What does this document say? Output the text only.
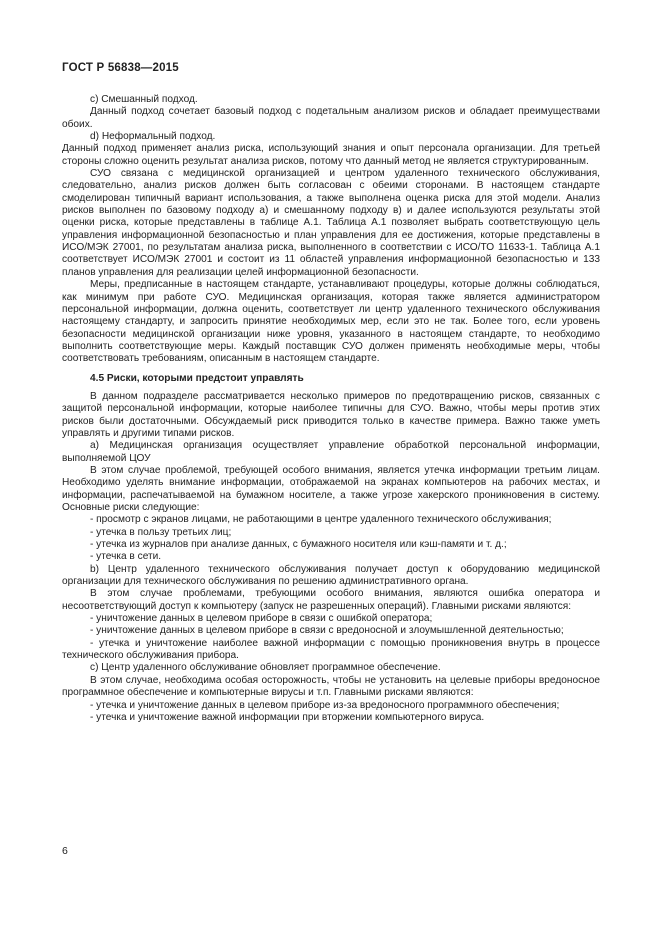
ГОСТ Р 56838—2015

с) Смешанный подход.

Данный подход сочетает базовый подход с подетальным анализом рисков и обладает преимуществами обоих.

d) Неформальный подход.

Данный подход применяет анализ риска, использующий знания и опыт персонала организации. Для третьей стороны сложно оценить результат анализа рисков, потому что данный метод не является структурированным.

СУО связана с медицинской организацией и центром удаленного технического обслуживания, следовательно, анализ рисков должен быть согласован с обеими сторонами. В настоящем стандарте смоделирован типичный вариант использования, а также выполнена оценка риска для этой модели. Анализ рисков выполнен по базовому подходу а) и смешанному подходу в) и далее используются результаты этой оценки риска, которые представлены в таблице А.1. Таблица А.1 позволяет выбрать соответствующую цель управления информационной безопасностью и план управления для ее достижения, которые представлены в ИСО/МЭК 27001, по результатам анализа риска, выполненного в соответствии с ИСО/ТО 11633-1. Таблица А.1 соответствует ИСО/МЭК 27001 и состоит из 11 областей управления информационной безопасностью и 133 планов управления для реализации целей информационной безопасности.

Меры, предписанные в настоящем стандарте, устанавливают процедуры, которые должны соблюдаться, как минимум при работе СУО. Медицинская организация, которая также является администратором персональной информации, должна оценить, соответствует ли центр удаленного технического обслуживания настоящему стандарту, и запросить принятие необходимых мер, если это не так. Более того, если уровень безопасности медицинской организации ниже уровня, указанного в настоящем стандарте, то необходимо выполнить соответствующие меры. Каждый поставщик СУО должен применять необходимые меры, чтобы соответствовать требованиям, описанным в настоящем стандарте.

4.5 Риски, которыми предстоит управлять

В данном подразделе рассматривается несколько примеров по предотвращению рисков, связанных с защитой персональной информации, которые наиболее типичны для СУО. Важно, чтобы меры против этих рисков были достаточными. Обсуждаемый риск приводится только в качестве примера. Важно также уметь управлять и другими типами рисков.

а) Медицинская организация осуществляет управление обработкой персональной информации, выполняемой ЦОУ

В этом случае проблемой, требующей особого внимания, является утечка информации третьим лицам. Необходимо уделять внимание информации, отображаемой на экранах компьютеров на рабочих местах, и информации, распечатываемой на бумажном носителе, а также угрозе хакерского проникновения в систему. Основные риски следующие:

- просмотр с экранов лицами, не работающими в центре удаленного технического обслуживания;

- утечка в пользу третьих лиц;

- утечка из журналов при анализе данных, с бумажного носителя или кэш-памяти и т. д.;

- утечка в сети.

b) Центр удаленного технического обслуживания получает доступ к оборудованию медицинской организации для технического обслуживания по решению административного органа.

В этом случае проблемами, требующими особого внимания, являются ошибка оператора и несоответствующий доступ к компьютеру (запуск не разрешенных операций). Главными рисками являются:

- уничтожение данных в целевом приборе в связи с ошибкой оператора;

- уничтожение данных в целевом приборе в связи с вредоносной и злоумышленной деятельностью;

- утечка и уничтожение наиболее важной информации с помощью проникновения внутрь в процессе технического обслуживания прибора.

с) Центр удаленного обслуживание обновляет программное обеспечение.

В этом случае, необходима особая осторожность, чтобы не установить на целевые приборы вредоносное программное обеспечение и компьютерные вирусы и т.п. Главными рисками являются:

- утечка и уничтожение данных в целевом приборе из-за вредоносного программного обеспечения;

- утечка и уничтожение важной информации при вторжении компьютерного вируса.

6
